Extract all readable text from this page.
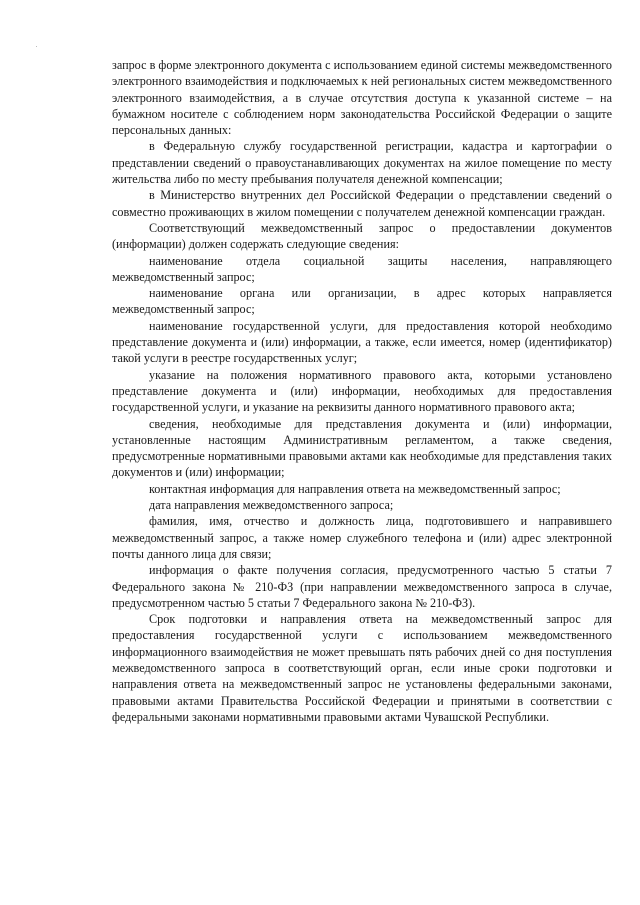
запрос в форме электронного документа с использованием единой системы межведомственного электронного взаимодействия и подключаемых к ней региональных систем межведомственного электронного взаимодействия, а в случае отсутствия доступа к указанной системе – на бумажном носителе с соблюдением норм законодательства Российской Федерации о защите персональных данных:

в Федеральную службу государственной регистрации, кадастра и картографии о представлении сведений о правоустанавливающих документах на жилое помещение по месту жительства либо по месту пребывания получателя денежной компенсации;

в Министерство внутренних дел Российской Федерации о представлении сведений о совместно проживающих в жилом помещении с получателем денежной компенсации граждан.

Соответствующий межведомственный запрос о предоставлении документов (информации) должен содержать следующие сведения:

наименование отдела социальной защиты населения, направляющего межведомственный запрос;

наименование органа или организации, в адрес которых направляется межведомственный запрос;

наименование государственной услуги, для предоставления которой необходимо представление документа и (или) информации, а также, если имеется, номер (идентификатор) такой услуги в реестре государственных услуг;

указание на положения нормативного правового акта, которыми установлено представление документа и (или) информации, необходимых для предоставления государственной услуги, и указание на реквизиты данного нормативного правового акта;

сведения, необходимые для представления документа и (или) информации, установленные настоящим Административным регламентом, а также сведения, предусмотренные нормативными правовыми актами как необходимые для представления таких документов и (или) информации;

контактная информация для направления ответа на межведомственный запрос;

дата направления межведомственного запроса;

фамилия, имя, отчество и должность лица, подготовившего и направившего межведомственный запрос, а также номер служебного телефона и (или) адрес электронной почты данного лица для связи;

информация о факте получения согласия, предусмотренного частью 5 статьи 7 Федерального закона № 210-ФЗ (при направлении межведомственного запроса в случае, предусмотренном частью 5 статьи 7 Федерального закона № 210-ФЗ).

Срок подготовки и направления ответа на межведомственный запрос для предоставления государственной услуги с использованием межведомственного информационного взаимодействия не может превышать пять рабочих дней со дня поступления межведомственного запроса в соответствующий орган, если иные сроки подготовки и направления ответа на межведомственный запрос не установлены федеральными законами, правовыми актами Правительства Российской Федерации и принятыми в соответствии с федеральными законами нормативными правовыми актами Чувашской Республики.
